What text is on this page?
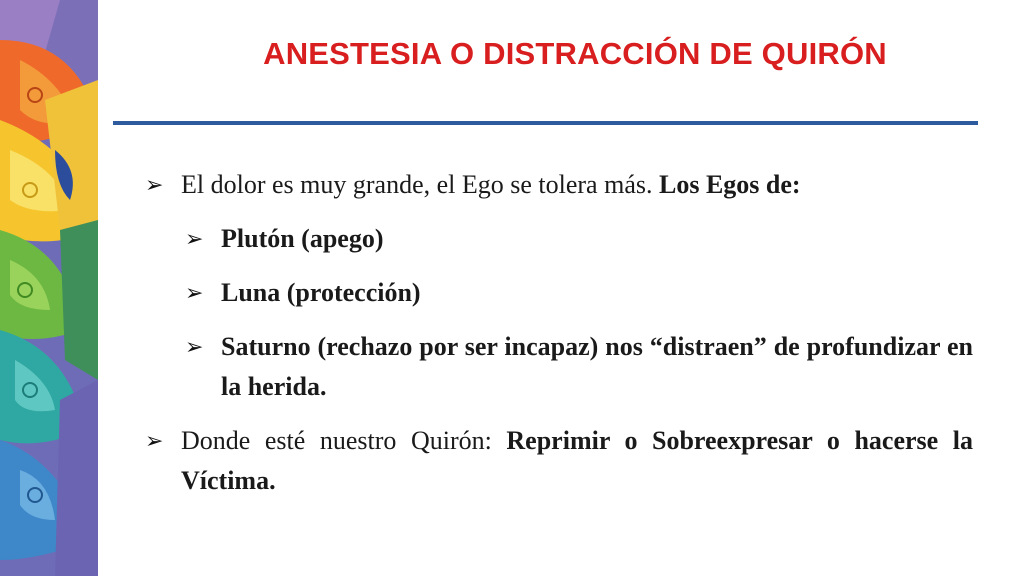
ANESTESIA O DISTRACCIÓN DE QUIRÓN
➢ El dolor es muy grande, el Ego se tolera más. Los Egos de:
➢ Plutón (apego)
➢ Luna (protección)
➢ Saturno (rechazo por ser incapaz) nos “distraen” de profundizar en la herida.
➢ Donde esté nuestro Quirón: Reprimir o Sobreexpresar o hacerse la Víctima.
